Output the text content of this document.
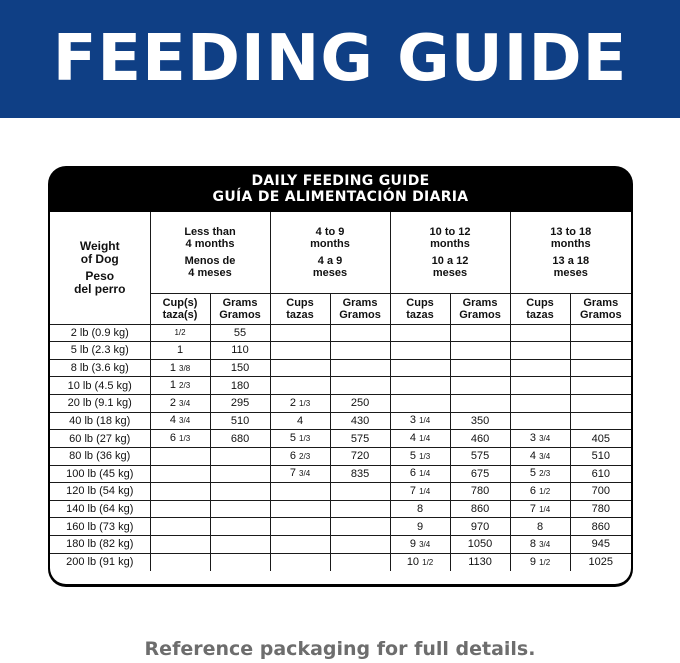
FEEDING GUIDE
DAILY FEEDING GUIDE
GUÍA DE ALIMENTACIÓN DIARIA
Weight
of Dog
Peso
del perro	Less than
4 months
Menos de
4 meses		4 to 9
months
4 a 9
meses		10 to 12
months
10 a 12
meses		13 to 18
months
13 a 18
meses	

	Cup(s)
taza(s)	Grams
Gramos	Cups
tazas	Grams
Gramos	Cups
tazas	Grams
Gramos	Cups
tazas	Grams
Gramos

2 lb (0.9 kg)	1/2	55						
5 lb (2.3 kg)	1	110						
8 lb (3.6 kg)	1 3/8	150						
10 lb (4.5 kg)	1 2/3	180						
20 lb (9.1 kg)	2 3/4	295	2 1/3	250				
40 lb (18 kg)	4 3/4	510	4	430	3 1/4	350		
60 lb (27 kg)	6 1/3	680	5 1/3	575	4 1/4	460	3 3/4	405
80 lb (36 kg)			6 2/3	720	5 1/3	575	4 3/4	510
100 lb (45 kg)			7 3/4	835	6 1/4	675	5 2/3	610
120 lb (54 kg)					7 1/4	780	6 1/2	700
140 lb (64 kg)					8	860	7 1/4	780
160 lb (73 kg)					9	970	8	860
180 lb (82 kg)					9 3/4	1050	8 3/4	945
200 lb (91 kg)					10 1/2	1130	9 1/2	1025
Reference packaging for full details.
